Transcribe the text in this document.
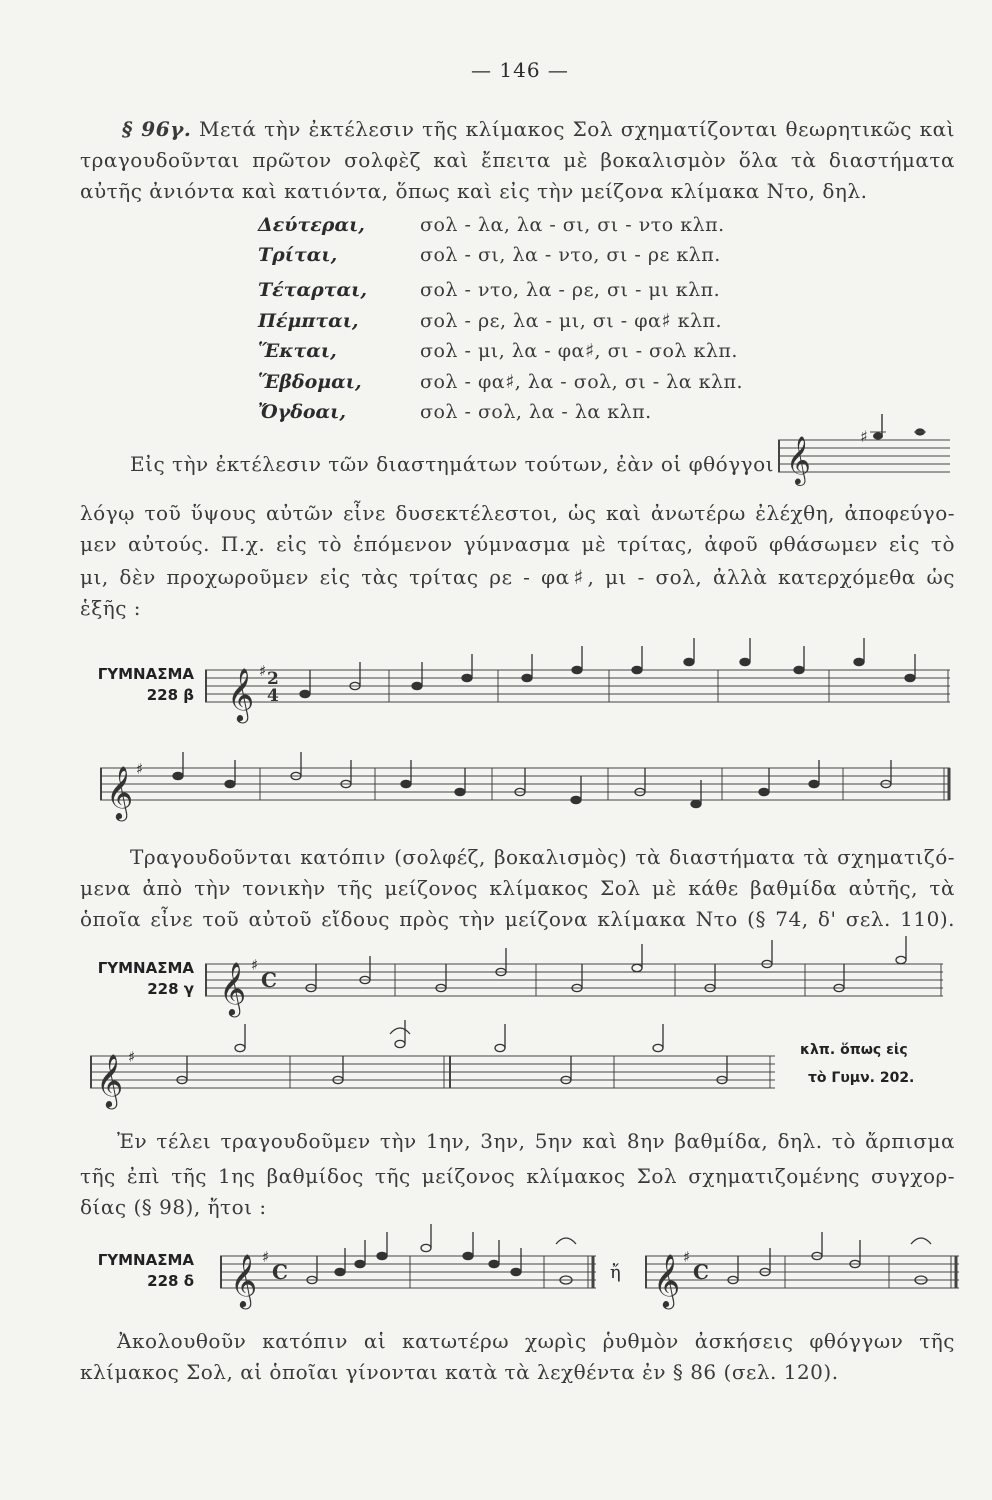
— 146 —
§ 96γ. Μετά τὴν ἐκτέλεσιν τῆς κλίμακος Σολ σχηματίζονται θεωρητικῶς καὶ
τραγουδοῦνται πρῶτον σολφὲζ καὶ ἔπειτα μὲ βοκαλισμὸν ὅλα τὰ διαστήματα
αὐτῆς ἀνιόντα καὶ κατιόντα, ὅπως καὶ εἰς τὴν μείζονα κλίμακα Ντο, δηλ.
Δεύτεραι,	σολ - λα, λα - σι, σι - ντο κλπ.
Τρίται,	σολ - σι, λα - ντο, σι - ρε κλπ.
Τέταρται,	σολ - ντο, λα - ρε, σι - μι κλπ.
Πέμπται,	σολ - ρε, λα - μι, σι - φα♯ κλπ.
Ἕκται,	σολ - μι, λα - φα♯, σι - σολ κλπ.
Ἕβδομαι,	σολ - φα♯, λα - σολ, σι - λα κλπ.
Ὄγδοαι,	σολ - σολ, λα - λα κλπ.
Εἰς τὴν ἐκτέλεσιν τῶν διαστημάτων τούτων, ἐὰν οἱ φθόγγοι 𝄞	♯
λόγῳ τοῦ ὕψους αὐτῶν εἶνε δυσεκτέλεστοι, ὡς καὶ ἀνωτέρω ἐλέχθη, ἀποφεύγο-
μεν αὐτούς. Π.χ. εἰς τὸ ἑπόμενον γύμνασμα μὲ τρίτας, ἀφοῦ φθάσωμεν εἰς τὸ
μι, δὲν προχωροῦμεν εἰς τὰς τρίτας ρε - φα♯, μι - σολ, ἀλλὰ κατερχόμεθα ὡς
ἑξῆς :
ΓΥΜΝΑΣΜΑ
228 β 𝄞 ♯ 2
4
𝄞 ♯
Τραγουδοῦνται κατόπιν (σολφέζ, βοκαλισμὸς) τὰ διαστήματα τὰ σχηματιζό-
μενα ἀπὸ τὴν τονικὴν τῆς μείζονος κλίμακος Σολ μὲ κάθε βαθμίδα αὐτῆς, τὰ
ὁποῖα εἶνε τοῦ αὐτοῦ εἴδους πρὸς τὴν μείζονα κλίμακα Ντο (§ 74, δ' σελ. 110).
ΓΥΜΝΑΣΜΑ
228 γ 𝄞 ♯
C
𝄞 ♯	κλπ. ὅπως εἰς
τὸ Γυμν. 202.
Ἐν τέλει τραγουδοῦμεν τὴν 1ην, 3ην, 5ην καὶ 8ην βαθμίδα, δηλ. τὸ ἄρπισμα
τῆς ἐπὶ τῆς 1ης βαθμίδος τῆς μείζονος κλίμακος Σολ σχηματιζομένης συγχορ-
δίας (§ 98), ἤτοι :
ΓΥΜΝΑΣΜΑ
228 δ 𝄞 ♯
C	ἤ 𝄞 ♯
C
Ἀκολουθοῦν κατόπιν αἱ κατωτέρω χωρὶς ῥυθμὸν ἀσκήσεις φθόγγων τῆς
κλίμακος Σολ, αἱ ὁποῖαι γίνονται κατὰ τὰ λεχθέντα ἐν § 86 (σελ. 120).
